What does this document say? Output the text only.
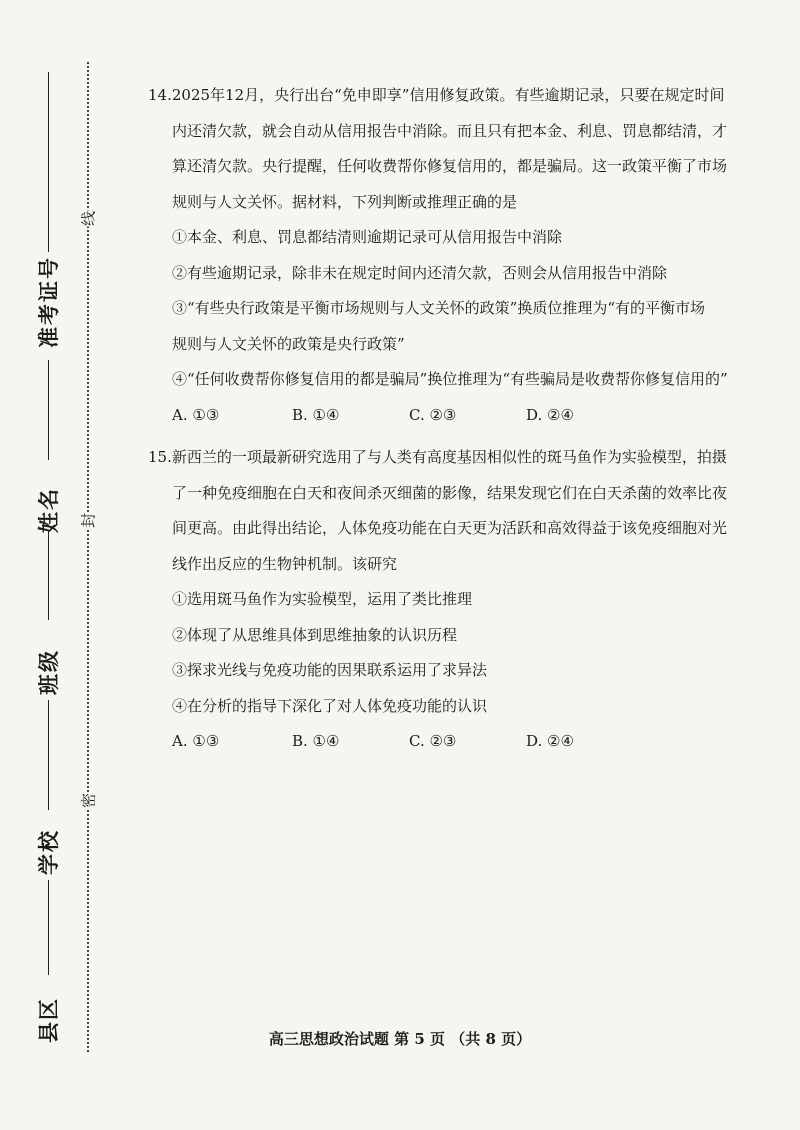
准考证号
姓名
班级
学校
县区
线
封
密
14.2025年12月，央行出台“免申即享”信用修复政策。有些逾期记录，只要在规定时间
内还清欠款，就会自动从信用报告中消除。而且只有把本金、利息、罚息都结清，才
算还清欠款。央行提醒，任何收费帮你修复信用的，都是骗局。这一政策平衡了市场
规则与人文关怀。据材料，下列判断或推理正确的是
①本金、利息、罚息都结清则逾期记录可从信用报告中消除
②有些逾期记录，除非未在规定时间内还清欠款，否则会从信用报告中消除
③“有些央行政策是平衡市场规则与人文关怀的政策”换质位推理为“有的平衡市场
规则与人文关怀的政策是央行政策”
④“任何收费帮你修复信用的都是骗局”换位推理为“有些骗局是收费帮你修复信用的”
A. ①③	B. ①④	C. ②③	D. ②④
15.新西兰的一项最新研究选用了与人类有高度基因相似性的斑马鱼作为实验模型，拍摄
了一种免疫细胞在白天和夜间杀灭细菌的影像，结果发现它们在白天杀菌的效率比夜
间更高。由此得出结论，人体免疫功能在白天更为活跃和高效得益于该免疫细胞对光
线作出反应的生物钟机制。该研究
①选用斑马鱼作为实验模型，运用了类比推理
②体现了从思维具体到思维抽象的认识历程
③探求光线与免疫功能的因果联系运用了求异法
④在分析的指导下深化了对人体免疫功能的认识
A. ①③	B. ①④	C. ②③	D. ②④
高三思想政治试题 第 5 页 （共 8 页）
